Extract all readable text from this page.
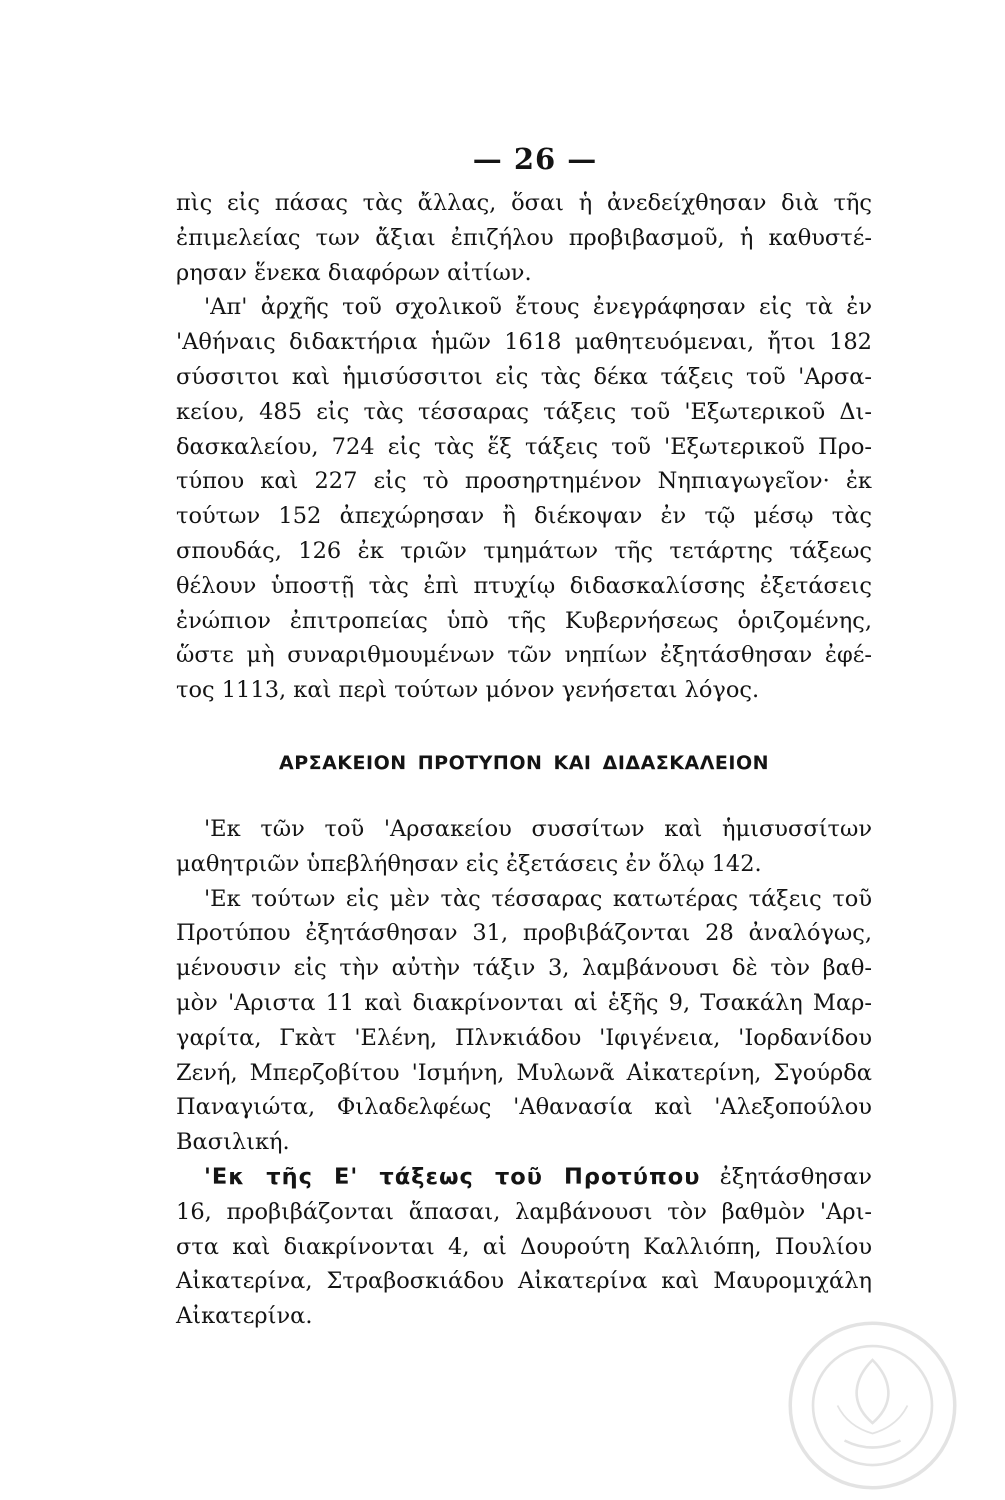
— 26 —
πὶς εἰς πάσας τὰς ἄλλας, ὅσαι ἡ ἀνεδείχθησαν διὰ τῆς
ἐπιμελείας των ἄξιαι ἐπιζήλου προβιβασμοῦ, ἡ καθυστέ-
ρησαν ἕνεκα διαφόρων αἰτίων.
'Απ' ἀρχῆς τοῦ σχολικοῦ ἔτους ἐνεγράφησαν εἰς τὰ ἐν
'Αθήναις διδακτήρια ἡμῶν 1618 μαθητευόμεναι, ἤτοι 182
σύσσιτοι καὶ ἡμισύσσιτοι εἰς τὰς δέκα τάξεις τοῦ 'Αρσα-
κείου, 485 εἰς τὰς τέσσαρας τάξεις τοῦ 'Εξωτερικοῦ Δι-
δασκαλείου, 724 εἰς τὰς ἕξ τάξεις τοῦ 'Εξωτερικοῦ Προ-
τύπου καὶ 227 εἰς τὸ προσηρτημένον Νηπιαγωγεῖον· ἐκ
τούτων 152 ἀπεχώρησαν ἢ διέκοψαν ἐν τῷ μέσῳ τὰς
σπουδάς, 126 ἐκ τριῶν τμημάτων τῆς τετάρτης τάξεως
θέλουν ὑποστῇ τὰς ἐπὶ πτυχίῳ διδασκαλίσσης ἐξετάσεις
ἐνώπιον ἐπιτροπείας ὑπὸ τῆς Κυβερνήσεως ὁριζομένης,
ὥστε μὴ συναριθμουμένων τῶν νηπίων ἐξητάσθησαν ἐφέ-
τος 1113, καὶ περὶ τούτων μόνον γενήσεται λόγος.
ΑΡΣΑΚΕΙΟΝ ΠΡΟΤΥΠΟΝ ΚΑΙ ΔΙΔΑΣΚΑΛΕΙΟΝ
'Εκ τῶν τοῦ 'Αρσακείου συσσίτων καὶ ἡμισυσσίτων
μαθητριῶν ὑπεβλήθησαν εἰς ἐξετάσεις ἐν ὅλῳ 142.
'Εκ τούτων εἰς μὲν τὰς τέσσαρας κατωτέρας τάξεις τοῦ
Προτύπου ἐξητάσθησαν 31, προβιβάζονται 28 ἀναλόγως,
μένουσιν εἰς τὴν αὐτὴν τάξιν 3, λαμβάνουσι δὲ τὸν βαθ-
μὸν 'Αριστα 11 καὶ διακρίνονται αἱ ἑξῆς 9, Τσακάλη Μαρ-
γαρίτα, Γκὰτ 'Ελένη, Πλνκιάδου 'Ιφιγένεια, 'Ιορδανίδου
Ζενή, Μπερζοβίτου 'Ισμήνη, Μυλωνᾶ Αἰκατερίνη, Σγούρδα
Παναγιώτα, Φιλαδελφέως 'Αθανασία καὶ 'Αλεξοπούλου
Βασιλική.
'Εκ τῆς Ε' τάξεως τοῦ Προτύπου ἐξητάσθησαν
16, προβιβάζονται ἅπασαι, λαμβάνουσι τὸν βαθμὸν 'Αρι-
στα καὶ διακρίνονται 4, αἱ Δουρούτη Καλλιόπη, Πουλίου
Αἰκατερίνα, Στραβοσκιάδου Αἰκατερίνα καὶ Μαυρομιχάλη
Αἰκατερίνα.
